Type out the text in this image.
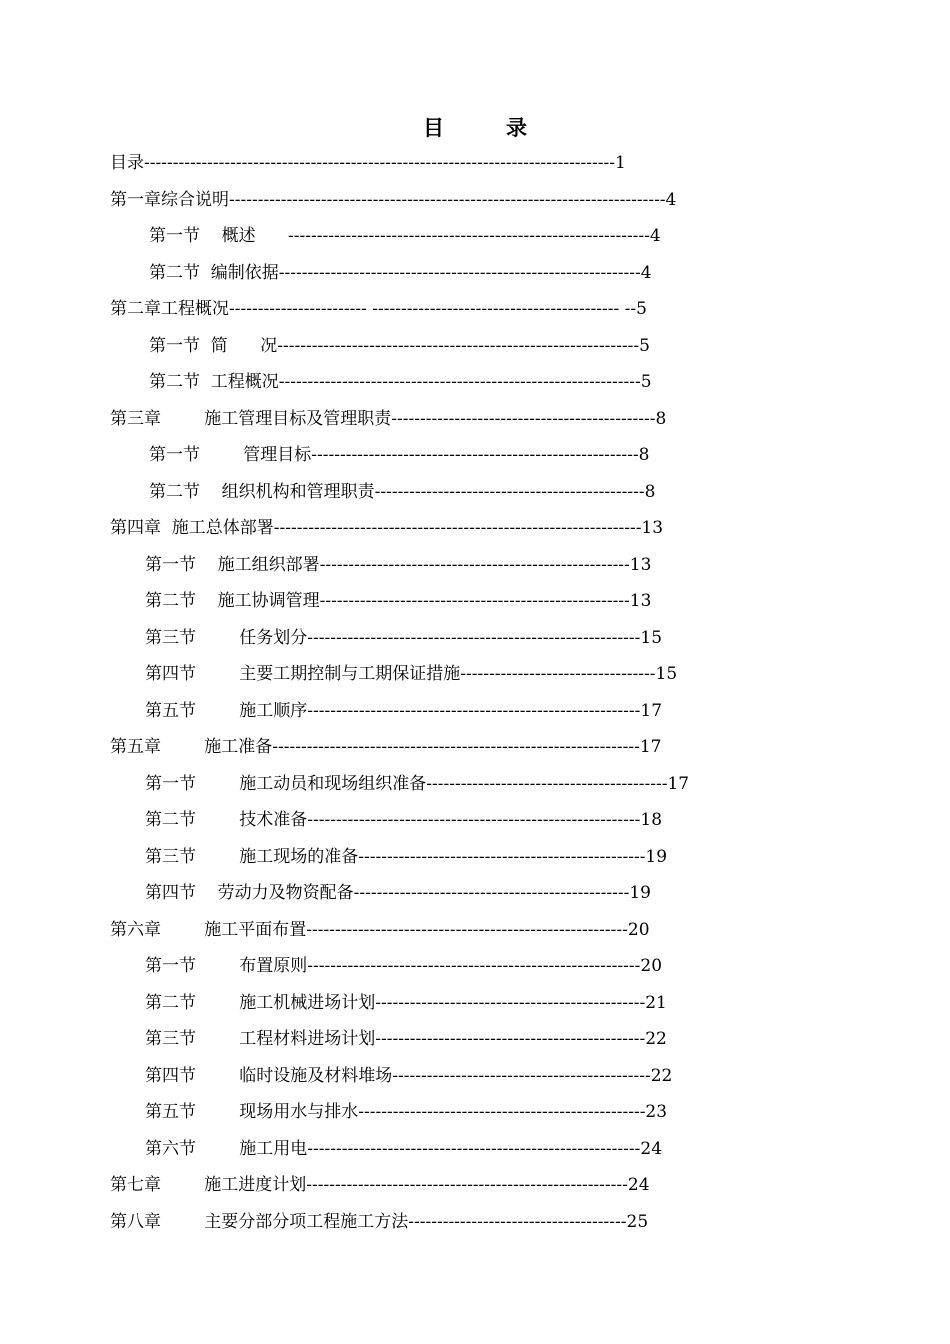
目	录
目录----------------------------------------------------------------------------------1
第一章综合说明----------------------------------------------------------------------------4
第一节    概述      ---------------------------------------------------------------4
第二节  编制依据---------------------------------------------------------------4
第二章工程概况------------------------ ------------------------------------------- --5
第一节  简      况---------------------------------------------------------------5
第二节  工程概况---------------------------------------------------------------5
第三章        施工管理目标及管理职责----------------------------------------------8
第一节        管理目标---------------------------------------------------------8
第二节    组织机构和管理职责-----------------------------------------------8
第四章  施工总体部署----------------------------------------------------------------13
第一节    施工组织部署------------------------------------------------------13
第二节    施工协调管理------------------------------------------------------13
第三节        任务划分----------------------------------------------------------15
第四节        主要工期控制与工期保证措施----------------------------------15
第五节        施工顺序----------------------------------------------------------17
第五章        施工准备----------------------------------------------------------------17
第一节        施工动员和现场组织准备------------------------------------------17
第二节        技术准备----------------------------------------------------------18
第三节        施工现场的准备--------------------------------------------------19
第四节    劳动力及物资配备------------------------------------------------19
第六章        施工平面布置--------------------------------------------------------20
第一节        布置原则----------------------------------------------------------20
第二节        施工机械进场计划-----------------------------------------------21
第三节        工程材料进场计划-----------------------------------------------22
第四节        临时设施及材料堆场---------------------------------------------22
第五节        现场用水与排水--------------------------------------------------23
第六节        施工用电----------------------------------------------------------24
第七章        施工进度计划--------------------------------------------------------24
第八章        主要分部分项工程施工方法--------------------------------------25
